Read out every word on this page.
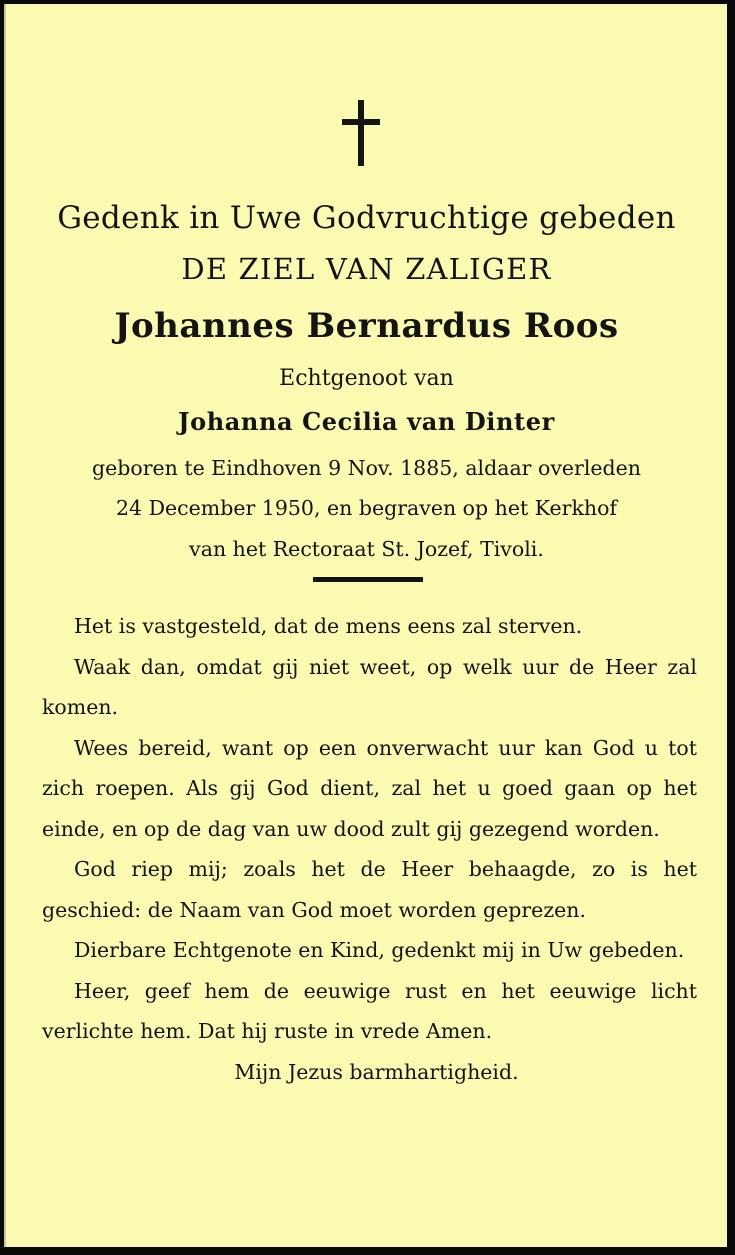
Gedenk in Uwe Godvruchtige gebeden
DE ZIEL VAN ZALIGER
Johannes Bernardus Roos
Echtgenoot van
Johanna Cecilia van Dinter
geboren te Eindhoven 9 Nov. 1885, aldaar overleden
24 December 1950, en begraven op het Kerkhof
van het Rectoraat St. Jozef, Tivoli.

Het is vastgesteld, dat de mens eens zal sterven.

Waak dan, omdat gij niet weet, op welk uur de Heer zal komen.

Wees bereid, want op een onverwacht uur kan God u tot zich roepen. Als gij God dient, zal het u goed gaan op het einde, en op de dag van uw dood zult gij gezegend worden.

God riep mij; zoals het de Heer behaagde, zo is het geschied: de Naam van God moet worden geprezen.

Dierbare Echtgenote en Kind, gedenkt mij in Uw gebeden.

Heer, geef hem de eeuwige rust en het eeuwige licht verlichte hem. Dat hij ruste in vrede Amen.

Mijn Jezus barmhartigheid.
